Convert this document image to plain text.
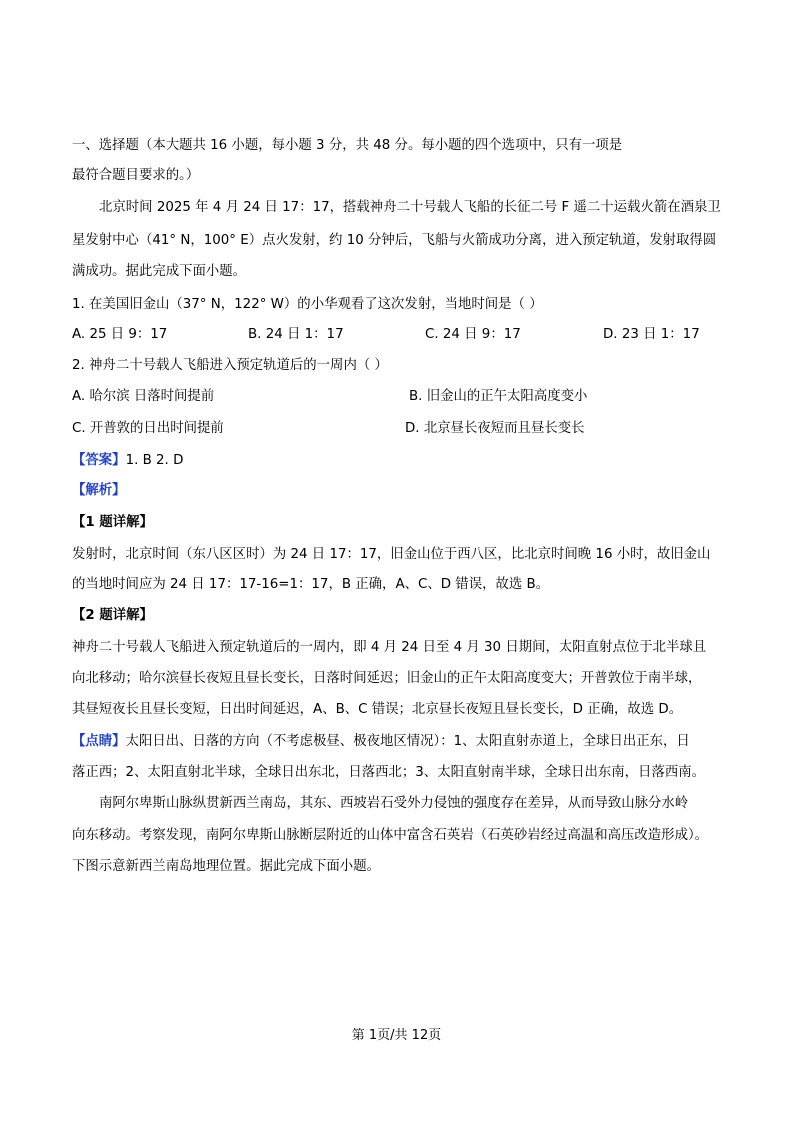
一、选择题（本大题共 16 小题，每小题 3 分，共 48 分。每小题的四个选项中，只有一项是
最符合题目要求的。）
北京时间 2025 年 4 月 24 日 17：17，搭载神舟二十号载人飞船的长征二号 F 遥二十运载火箭在酒泉卫
星发射中心（41° N，100° E）点火发射，约 10 分钟后，飞船与火箭成功分离，进入预定轨道，发射取得圆
满成功。据此完成下面小题。
1. 在美国旧金山（37° N，122° W）的小华观看了这次发射，当地时间是（ ）
A. 25 日 9：17	B. 24 日 1：17	C. 24 日 9：17	D. 23 日 1：17
2. 神舟二十号载人飞船进入预定轨道后的一周内（ ）
A. 哈尔滨 日落时间提前	B. 旧金山的正午太阳高度变小
C. 开普敦的日出时间提前	D. 北京昼长夜短而且昼长变长
【答案】1. B 2. D
【解析】
【1 题详解】
发射时，北京时间（东八区区时）为 24 日 17：17，旧金山位于西八区，比北京时间晚 16 小时，故旧金山
的当地时间应为 24 日 17：17-16=1：17，B 正确，A、C、D 错误，故选 B。
【2 题详解】
神舟二十号载人飞船进入预定轨道后的一周内，即 4 月 24 日至 4 月 30 日期间，太阳直射点位于北半球且
向北移动；哈尔滨昼长夜短且昼长变长，日落时间延迟；旧金山的正午太阳高度变大；开普敦位于南半球，
其昼短夜长且昼长变短，日出时间延迟，A、B、C 错误；北京昼长夜短且昼长变长，D 正确，故选 D。
【点睛】太阳日出、日落的方向（不考虑极昼、极夜地区情况）：1、太阳直射赤道上，全球日出正东，日
落正西；2、太阳直射北半球，全球日出东北，日落西北；3、太阳直射南半球，全球日出东南，日落西南。
南阿尔卑斯山脉纵贯新西兰南岛，其东、西坡岩石受外力侵蚀的强度存在差异，从而导致山脉分水岭
向东移动。考察发现，南阿尔卑斯山脉断层附近的山体中富含石英岩（石英砂岩经过高温和高压改造形成）。
下图示意新西兰南岛地理位置。据此完成下面小题。
第 1页/共 12页
